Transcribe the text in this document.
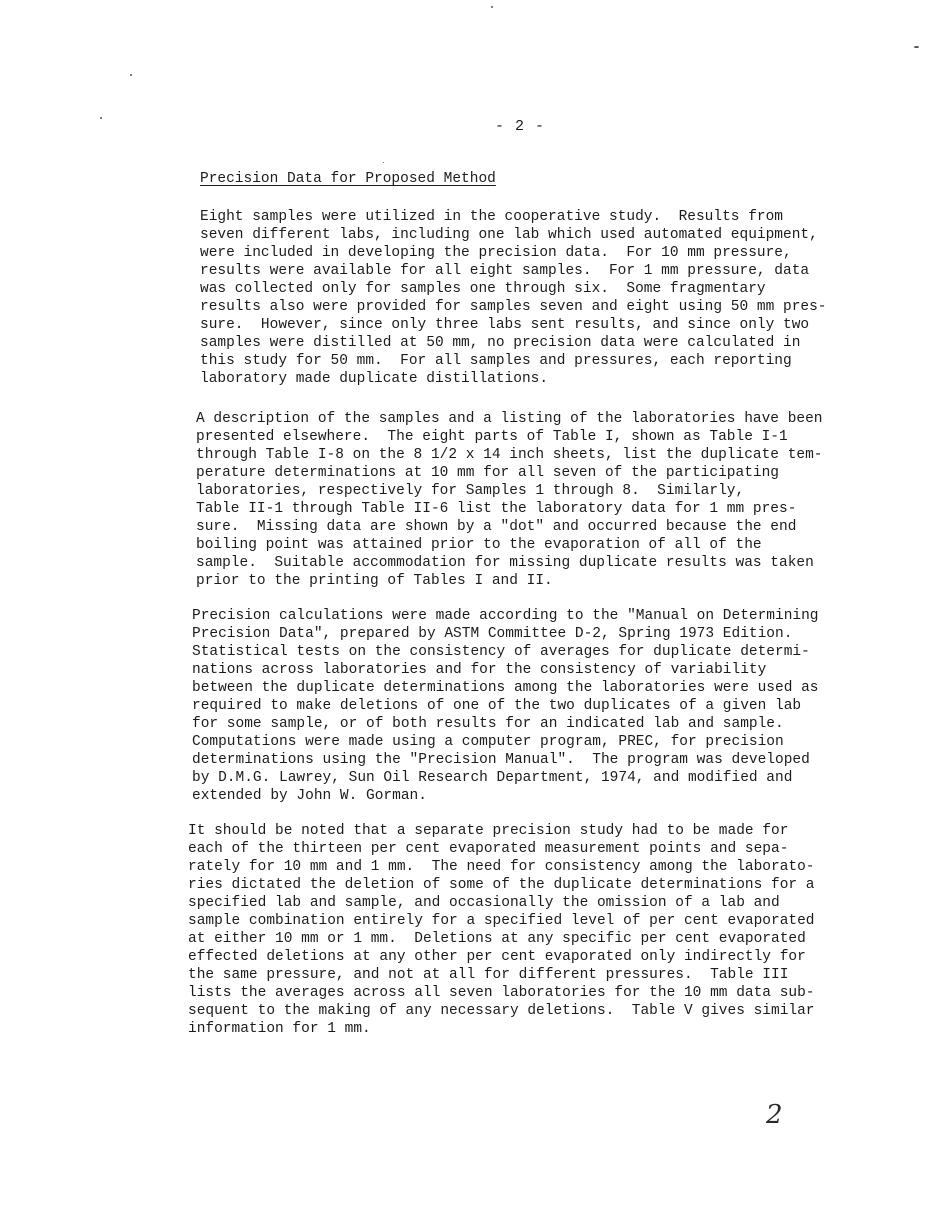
- 2 -
Precision Data for Proposed Method

Eight samples were utilized in the cooperative study.  Results from
seven different labs, including one lab which used automated equipment,
were included in developing the precision data.  For 10 mm pressure,
results were available for all eight samples.  For 1 mm pressure, data
was collected only for samples one through six.  Some fragmentary
results also were provided for samples seven and eight using 50 mm pres-
sure.  However, since only three labs sent results, and since only two
samples were distilled at 50 mm, no precision data were calculated in
this study for 50 mm.  For all samples and pressures, each reporting
laboratory made duplicate distillations.

A description of the samples and a listing of the laboratories have been
presented elsewhere.  The eight parts of Table I, shown as Table I-1
through Table I-8 on the 8 1/2 x 14 inch sheets, list the duplicate tem-
perature determinations at 10 mm for all seven of the participating
laboratories, respectively for Samples 1 through 8.  Similarly,
Table II-1 through Table II-6 list the laboratory data for 1 mm pres-
sure.  Missing data are shown by a "dot" and occurred because the end
boiling point was attained prior to the evaporation of all of the
sample.  Suitable accommodation for missing duplicate results was taken
prior to the printing of Tables I and II.

Precision calculations were made according to the "Manual on Determining
Precision Data", prepared by ASTM Committee D-2, Spring 1973 Edition.
Statistical tests on the consistency of averages for duplicate determi-
nations across laboratories and for the consistency of variability
between the duplicate determinations among the laboratories were used as
required to make deletions of one of the two duplicates of a given lab
for some sample, or of both results for an indicated lab and sample.
Computations were made using a computer program, PREC, for precision
determinations using the "Precision Manual".  The program was developed
by D.M.G. Lawrey, Sun Oil Research Department, 1974, and modified and
extended by John W. Gorman.

It should be noted that a separate precision study had to be made for
each of the thirteen per cent evaporated measurement points and sepa-
rately for 10 mm and 1 mm.  The need for consistency among the laborato-
ries dictated the deletion of some of the duplicate determinations for a
specified lab and sample, and occasionally the omission of a lab and
sample combination entirely for a specified level of per cent evaporated
at either 10 mm or 1 mm.  Deletions at any specific per cent evaporated
effected deletions at any other per cent evaporated only indirectly for
the same pressure, and not at all for different pressures.  Table III
lists the averages across all seven laboratories for the 10 mm data sub-
sequent to the making of any necessary deletions.  Table V gives similar
information for 1 mm.

2
